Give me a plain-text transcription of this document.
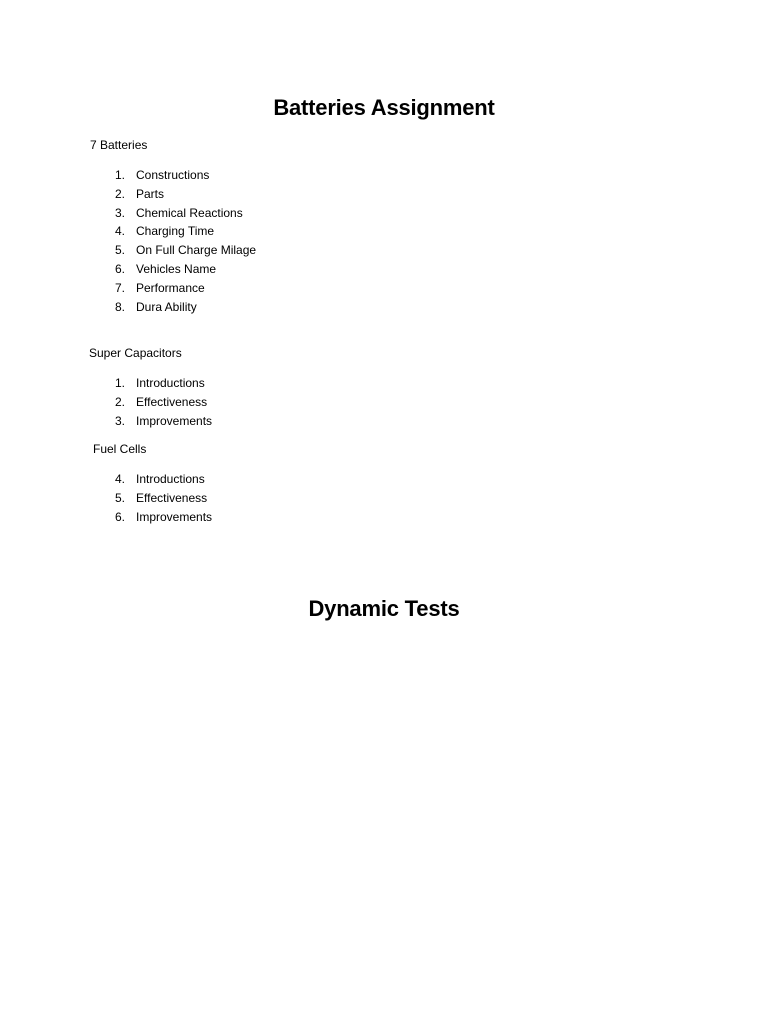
Batteries Assignment

7 Batteries

1. Constructions
2. Parts
3. Chemical Reactions
4. Charging Time
5. On Full Charge Milage
6. Vehicles Name
7. Performance
8. Dura Ability

Super Capacitors

1. Introductions
2. Effectiveness
3. Improvements

Fuel Cells

4. Introductions
5. Effectiveness
6. Improvements
Dynamic Tests
